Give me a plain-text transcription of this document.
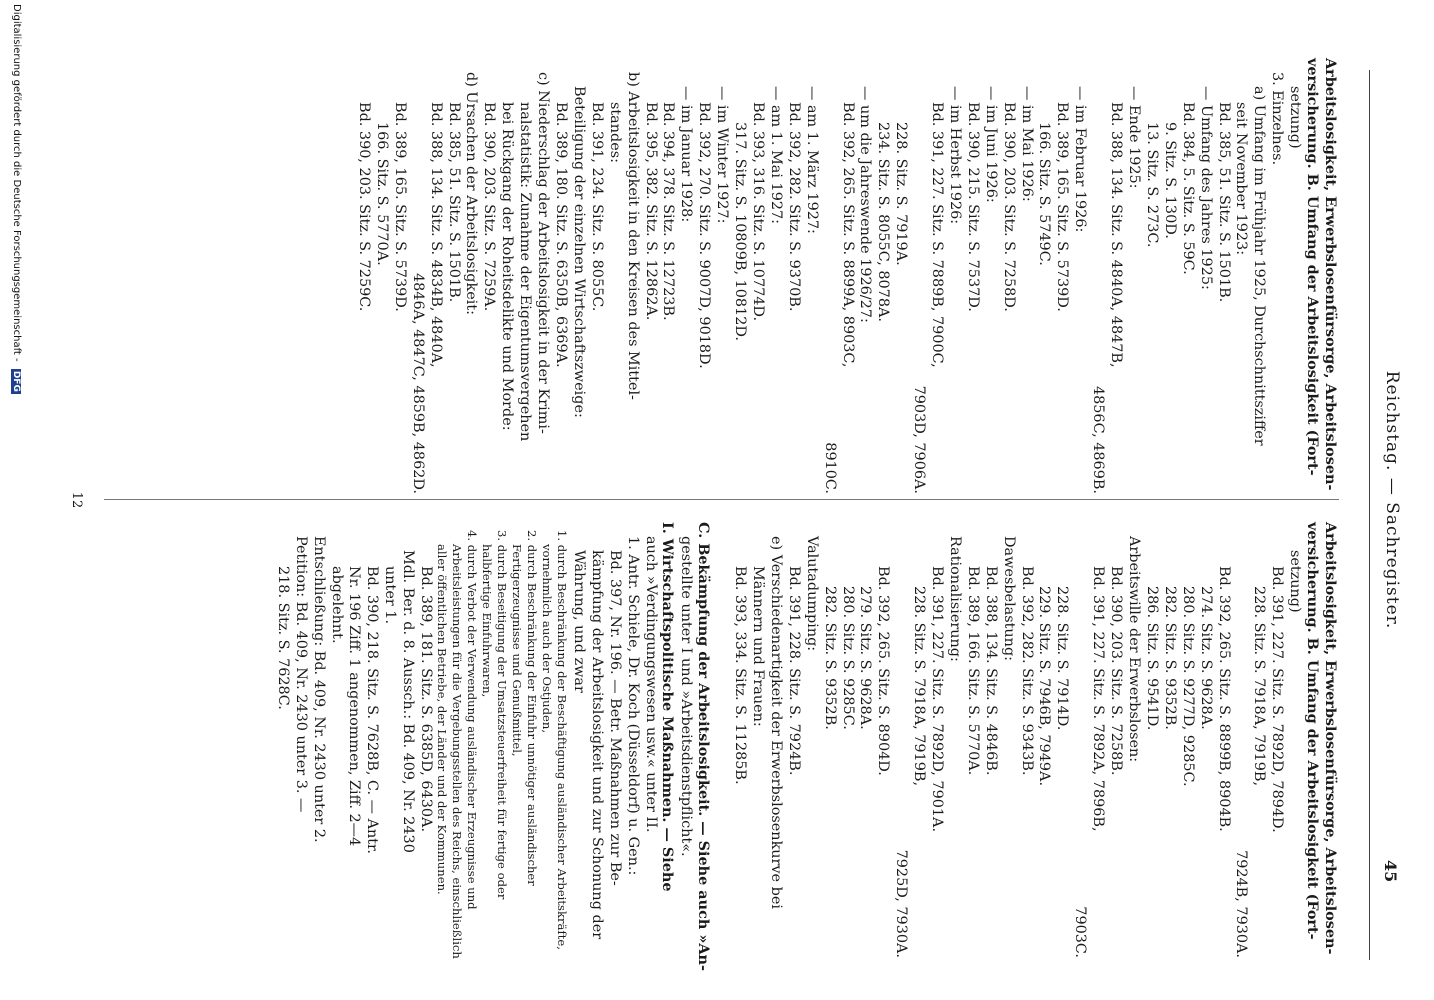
Reichstag. — Sachregister.
45
Arbeitslosigkeit, Erwerbslosenfürsorge, Arbeitslosen-
versicherung. B. Umfang der Arbeitslosigkeit (Fort-
setzung)
3. Einzelnes.
a) Umfang im Frühjahr 1925, Durchschnittsziffer
seit November 1923:
Bd. 385, 51. Sitz. S. 1501B.
— Umfang des Jahres 1925:
Bd. 384, 5. Sitz. S. 59C.
9. Sitz. S. 130D.
13. Sitz. S. 273C.
— Ende 1925:
Bd. 388, 134. Sitz. S. 4840A, 4847B,
4856C, 4869B.
— im Februar 1926:
Bd. 389, 165. Sitz. S. 5739D.
166. Sitz. S. 5749C.
— im Mai 1926:
Bd. 390, 203. Sitz. S. 7258D.
— im Juni 1926:
Bd. 390, 215. Sitz. S. 7537D.
— im Herbst 1926:
Bd. 391, 227. Sitz. S. 7889B, 7900C,
7903D, 7906A.
228. Sitz. S. 7919A.
234. Sitz. S. 8055C, 8078A.
— um die Jahreswende 1926/27:
Bd. 392, 265. Sitz. S. 8899A, 8903C,
8910C.
— am 1. März 1927:
Bd. 392, 282. Sitz. S. 9370B.
— am 1. Mai 1927:
Bd. 393, 316. Sitz. S. 10774D.
317. Sitz. S. 10809B, 10812D.
— im Winter 1927:
Bd. 392, 270. Sitz. S. 9007D, 9018D.
— im Januar 1928:
Bd. 394, 378. Sitz. S. 12723B.
Bd. 395, 382. Sitz. S. 12862A.
b) Arbeitslosigkeit in den Kreisen des Mittel-
standes:
Bd. 391, 234. Sitz. S. 8055C.
Beteiligung der einzelnen Wirtschaftszweige:
Bd. 389, 180. Sitz. S. 6350B, 6369A.
c) Niederschlag der Arbeitslosigkeit in der Krimi-
nalstatistik: Zunahme der Eigentumsvergehen
bei Rückgang der Roheitsdelikte und Morde:
Bd. 390, 203. Sitz. S. 7259A.
d) Ursachen der Arbeitslosigkeit:
Bd. 385, 51. Sitz. S. 1501B.
Bd. 388, 134. Sitz. S. 4834B, 4840A,
4846A, 4847C, 4859B, 4862D.
Bd. 389, 165. Sitz. S. 5739D.
166. Sitz. S. 5770A.
Bd. 390, 203. Sitz. S. 7259C.
Arbeitslosigkeit, Erwerbslosenfürsorge, Arbeitslosen-
versicherung. B. Umfang der Arbeitslosigkeit (Fort-
setzung)
Bd. 391, 227. Sitz. S. 7892D, 7894D.
228. Sitz. S. 7918A, 7919B,
7924B, 7930A.
Bd. 392, 265. Sitz. S. 8899B, 8904B.
274. Sitz. S. 9628A.
280. Sitz. S. 9277D, 9285C.
282. Sitz. S. 9352B.
286. Sitz. S. 9541D.
Arbeitswille der Erwerbslosen:
Bd. 390, 203. Sitz. S. 7258B.
Bd. 391, 227. Sitz. S. 7892A, 7896B,
7903C.
228. Sitz. S. 7914D.
229. Sitz. S. 7946B, 7949A.
Bd. 392, 282. Sitz. S. 9343B.
Dawesbelastung:
Bd. 388, 134. Sitz. S. 4846B.
Bd. 389, 166. Sitz. S. 5770A.
Rationalisierung:
Bd. 391, 227. Sitz. S. 7892D, 7901A.
228. Sitz. S. 7918A, 7919B,
7925D, 7930A.
Bd. 392, 265. Sitz. S. 8904D.
279. Sitz. S. 9628A.
280. Sitz. S. 9285C.
282. Sitz. S. 9352B.
Valutadumping:
Bd. 391, 228. Sitz. S. 7924B.
e) Verschiedenartigkeit der Erwerbslosenkurve bei
Männern und Frauen:
Bd. 393, 334. Sitz. S. 11285B.
C. Bekämpfung der Arbeitslosigkeit. — Siehe auch »An-
gestellte unter I und »Arbeitsdienstpflicht«.
I. Wirtschaftspolitische Maßnahmen. — Siehe
auch »Verdingungswesen usw.« unter II.
1. Antr. Schiele, Dr. Koch (Düsseldorf) u. Gen.:
Bd. 397, Nr. 196. — Betr. Maßnahmen zur Be-
kämpfung der Arbeitslosigkeit und zur Schonung der
Währung, und zwar
1. durch Beschränkung der Beschäftigung ausländischer Arbeitskräfte, vornehmlich auch der Ostjuden,
2. durch Beschränkung der Einfuhr unnötiger ausländischer Fertigerzeugnisse und Genußmittel,
3. durch Beseitigung der Umsatzsteuerfreiheit für fertige oder halbfertige Einfuhrwaren,
4. durch Verbot der Verwendung ausländischer Erzeugnisse und Arbeitsleistungen für die Vergebungsstellen des Reichs, einschließlich aller öffentlichen Betriebe, der Länder und der Kommunen.
Bd. 389, 181. Sitz. S. 6385D, 6430A.
Mdl. Ber. d. 8. Aussch.: Bd. 409, Nr. 2430
unter 1.
Bd. 390, 218. Sitz. S. 7628B, C. — Antr.
Nr. 196 Ziff. 1 angenommen, Ziff. 2—4
abgelehnt.
Entschließung: Bd. 409, Nr. 2430 unter 2.
Petition: Bd. 409, Nr. 2430 unter 3. —
218. Sitz. S. 7628C.
12
Digitalisierung gefördert durch die Deutsche Forschungsgemeinschaft - DFG
